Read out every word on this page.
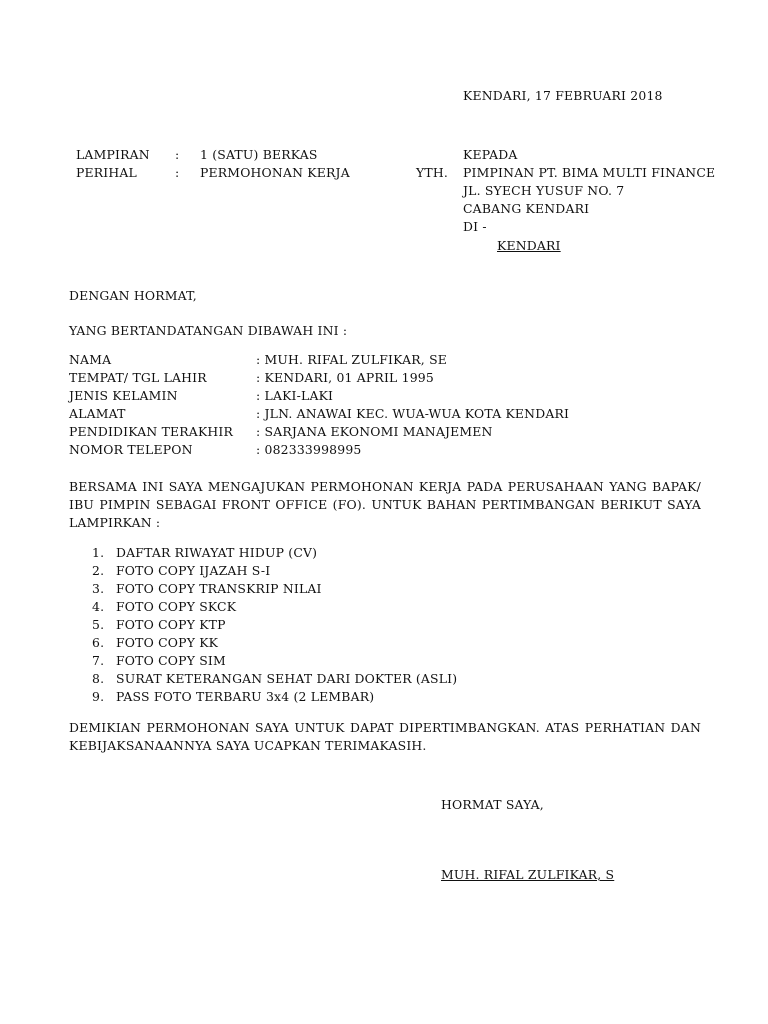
KENDARI, 17 FEBRUARI 2018
LAMPIRAN : 1 (SATU) BERKAS
PERIHAL	: PERMOHONAN KERJA
KEPADA
YTH. PIMPINAN PT. BIMA MULTI FINANCE
JL. SYECH YUSUF NO. 7
CABANG KENDARI
DI -
KENDARI
DENGAN HORMAT,
YANG BERTANDATANGAN DIBAWAH INI :
NAMA	: MUH. RIFAL ZULFIKAR, SE
TEMPAT/ TGL LAHIR	: KENDARI, 01 APRIL 1995
JENIS KELAMIN	: LAKI-LAKI
ALAMAT	: JLN. ANAWAI KEC. WUA-WUA KOTA KENDARI
PENDIDIKAN TERAKHIR : SARJANA EKONOMI MANAJEMEN
NOMOR TELEPON	: 082333998995
BERSAMA INI SAYA MENGAJUKAN PERMOHONAN KERJA PADA PERUSAHAAN YANG BAPAK/ IBU PIMPIN SEBAGAI FRONT OFFICE (FO). UNTUK BAHAN PERTIMBANGAN BERIKUT SAYA LAMPIRKAN :
1. DAFTAR RIWAYAT HIDUP (CV)
2. FOTO COPY IJAZAH S-I
3. FOTO COPY TRANSKRIP NILAI
4. FOTO COPY SKCK
5. FOTO COPY KTP
6. FOTO COPY KK
7. FOTO COPY SIM
8. SURAT KETERANGAN SEHAT DARI DOKTER (ASLI)
9. PASS FOTO TERBARU 3x4 (2 LEMBAR)
DEMIKIAN PERMOHONAN SAYA UNTUK DAPAT DIPERTIMBANGKAN. ATAS PERHATIAN DAN KEBIJAKSANAANNYA SAYA UCAPKAN TERIMAKASIH.
HORMAT SAYA,
MUH. RIFAL ZULFIKAR, S
